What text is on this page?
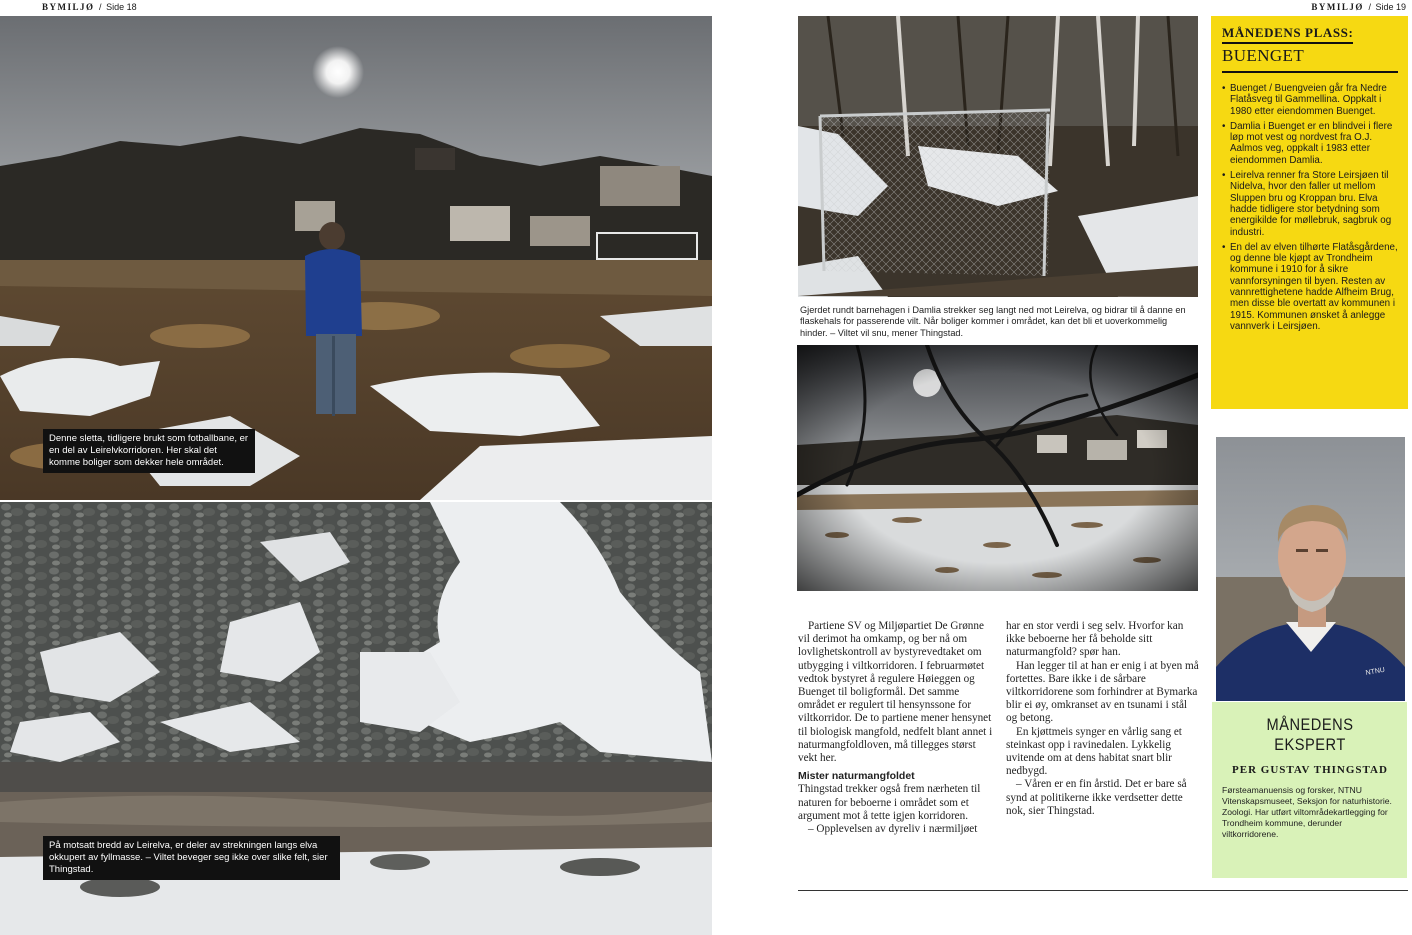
BYMILJØ / Side 18	BYMILJØ / Side 19
Denne sletta, tidligere brukt som fotballbane, er en del av Leirelvkorridoren. Her skal det komme boliger som dekker hele området.
På motsatt bredd av Leirelva, er deler av strekningen langs elva okkupert av fyllmasse. – Viltet beveger seg ikke over slike felt, sier Thingstad.
Gjerdet rundt barnehagen i Damlia strekker seg langt ned mot Leirelva, og bidrar til å danne en flaskehals for passerende vilt. Når boliger kommer i området, kan det bli et uoverkommelig hinder. – Viltet vil snu, mener Thingstad.

Partiene SV og Miljøpartiet De Grønne vil derimot ha omkamp, og ber nå om lovlighetskontroll av bystyrevedtaket om utbygging i viltkorridoren. I februarmøtet vedtok bystyret å regulere Høieggen og Buenget til boligformål. Det samme området er regulert til hensynssone for viltkorridor. De to partiene mener hensynet til biologisk mangfold, nedfelt blant annet i naturmangfoldloven, må tillegges størst vekt her.

Mister naturmangfoldet

Thingstad trekker også frem nærheten til naturen for beboerne i området som et argument mot å tette igjen korridoren.

– Opplevelsen av dyreliv i nærmiljøet

har en stor verdi i seg selv. Hvorfor kan ikke beboerne her få beholde sitt naturmangfold? spør han.

Han legger til at han er enig i at byen må fortettes. Bare ikke i de sårbare viltkorridorene som forhindrer at Bymarka blir ei øy, omkranset av en tsunami i stål og betong.

En kjøttmeis synger en vårlig sang et steinkast opp i ravinedalen. Lykkelig uvitende om at dens habitat snart blir nedbygd.

– Våren er en fin årstid. Det er bare så synd at politikerne ikke verdsetter dette nok, sier Thingstad.

MÅNEDENS PLASS:
BUENGET
• Buenget / Buengveien går fra Nedre Flatåsveg til Gammellina. Oppkalt i 1980 etter eiendommen Buenget.
• Damlia i Buenget er en blindvei i flere løp mot vest og nordvest fra O.J. Aalmos veg, oppkalt i 1983 etter eiendommen Damlia.
• Leirelva renner fra Store Leirsjøen til Nidelva, hvor den faller ut mellom Sluppen bru og Kroppan bru. Elva hadde tidligere stor betydning som energikilde for møllebruk, sagbruk og industri.
• En del av elven tilhørte Flatåsgårdene, og denne ble kjøpt av Trondheim kommune i 1910 for å sikre vannforsyningen til byen. Resten av vannrettighetene hadde Alfheim Brug, men disse ble overtatt av kommunen i 1915. Kommunen ønsket å anlegge vannverk i Leirsjøen.
NTNU
MÅNEDENS EKSPERT
PER GUSTAV THINGSTAD
Førsteamanuensis og forsker, NTNU Vitenskapsmuseet, Seksjon for naturhistorie. Zoologi. Har utført viltområdekartlegging for Trondheim kommune, derunder viltkorridorene.
